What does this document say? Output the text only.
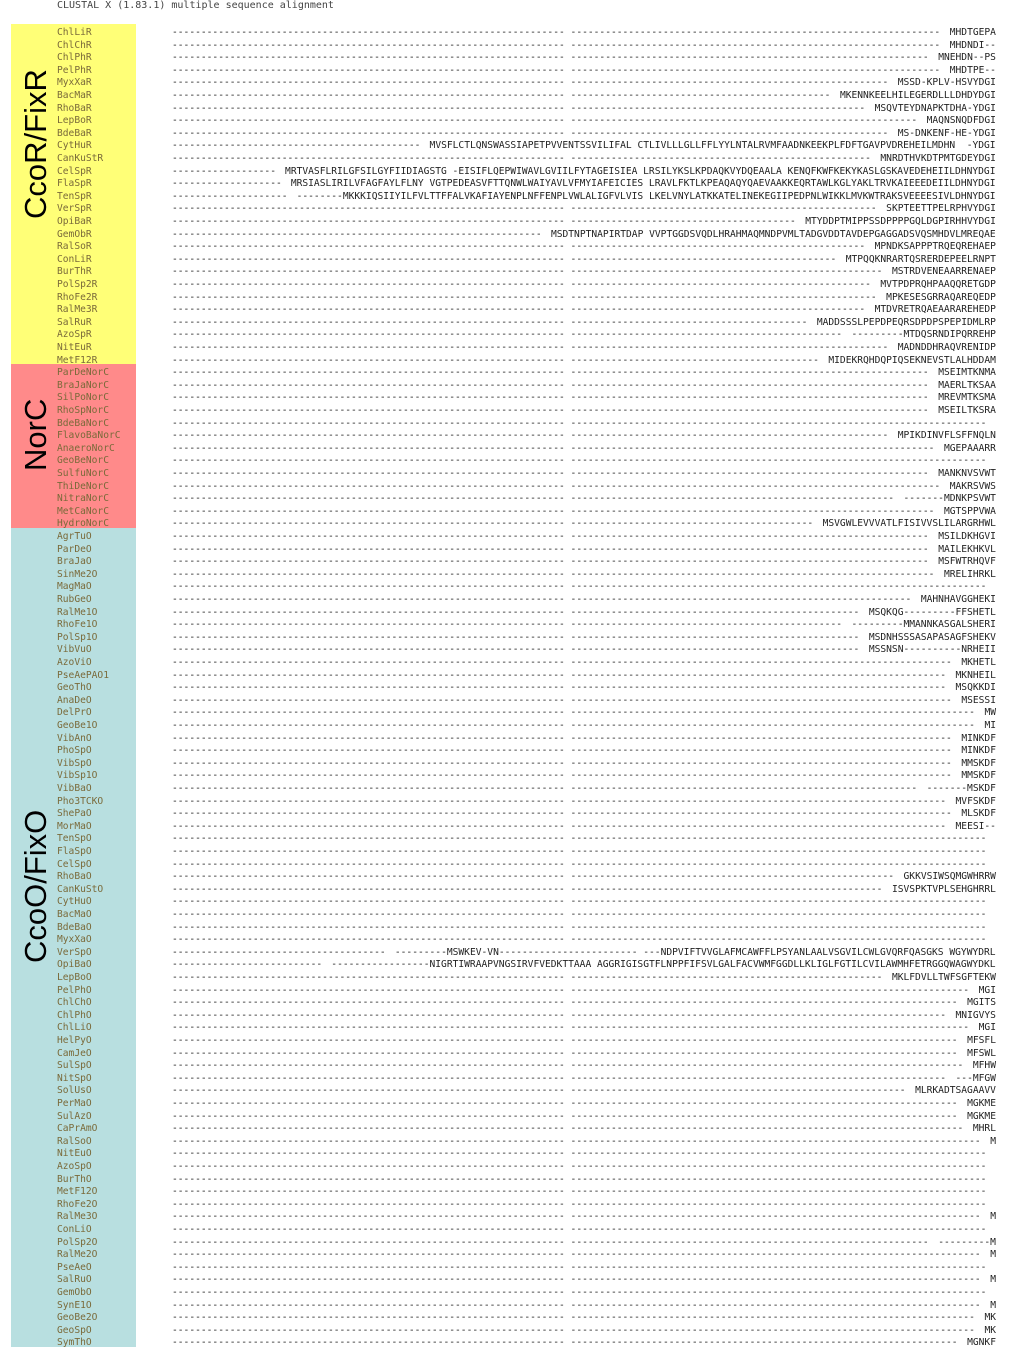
CLUSTAL X (1.83.1) multiple sequence alignment
CcoR/FixR
NorC
CcoO/FixO
ChlLiR	-------------------------------------------------------------------- ---------------------------------------------------------------- MHDTGEPA
ChlChR	-------------------------------------------------------------------- ---------------------------------------------------------------- MHDNDI--
ChlPhR	-------------------------------------------------------------------- -------------------------------------------------------------- MNEHDN--PS
PelPhR	-------------------------------------------------------------------- ---------------------------------------------------------------- MHDTPE--
MyxXaR	-------------------------------------------------------------------- ------------------------------------------------------- MSSD-KPLV-HSVYDGI
BacMaR	-------------------------------------------------------------------- --------------------------------------------- MKENNKEELHILEGERDLLLDHDYDGI
RhoBaR	-------------------------------------------------------------------- --------------------------------------------------- MSQVTEYDNAPKTDHA-YDGI
LepBoR	-------------------------------------------------------------------- ------------------------------------------------------------ MAQNSNQDFDGI
BdeBaR	-------------------------------------------------------------------- ------------------------------------------------------- MS-DNKENF-HE-YDGI
CytHuR	------------------------------------------- MVSFLCTLQNSWASSIAPETPVVENTSSVILIFAL CTLIVLLLGLLFFLYYLNTALRVMFAADNKEEKPLFDFTGAVPVDREHEILMDHN  -YDGI
CanKuStR	-------------------------------------------------------------------- ---------------------------------------------------- MNRDTHVKDTPMTGDEYDGI
CelSpR	------------------ MRTVASFLRILGFSILGYFIIDIAGSTG -EISIFLQEPWIWAVLGVIILFYTAGEISIEA LRSILYKSLKPDAQKVYDQEAALA KENQFKWFKEKYKASLGSKAVEDEHEIILDHNYDGI
FlaSpR	------------------- MRSIASLIRILVFAGFAYLFLNY VGTPEDEASVFTTQNWLWAIYAVLVFMYIAFEICIES LRAVLFKTLKPEAQAQYQAEVAAKKEQRTAWLKGLYAKLTRVKAIEEEDEIILDHNYDGI
TenSpR	-------------------- --------MKKKIQSIIYILFVLTTFFALVKAFIAYENPLNFFENPLVWLALIGFVLVIS LKELVNYLATKKATELINEKEGIIPEDPNLWIKKLMVKWTRAKSVEEEESIVLDHNYDGI
VerSpR	-------------------------------------------------------------------- ----------------------------------------------------- SKPTEETTPELRPHVYDGI
OpiBaR	-------------------------------------------------------------------- --------------------------------------- MTYDDPTMIPPSSDPPPPGQLDGPIRHHVYDGI
GemObR	---------------------------------------------------------------- MSDTNPTNAPIRTDAP VVPTGGDSVQDLHRAHMAQMNDPVMLTADGVDDTAVDEPGAGGADSVQSMHDVLMREQAE
RalSoR	-------------------------------------------------------------------- --------------------------------------------------- MPNDKSAPPPTRQEQREHAEP
ConLiR	-------------------------------------------------------------------- ---------------------------------------------- MTPQQKNRARTQSRERDEPEELRNPT
BurThR	-------------------------------------------------------------------- ------------------------------------------------------ MSTRDVENEAARRENAEP
PolSp2R	-------------------------------------------------------------------- ---------------------------------------------------- MVTPDPRQHPAAQQRETGDP
RhoFe2R	-------------------------------------------------------------------- ----------------------------------------------------- MPKESESGRRAQAREQEDP
RalMe3R	-------------------------------------------------------------------- --------------------------------------------------- MTDVRETRQAEAARAREHEDP
SalRuR	-------------------------------------------------------------------- ----------------------------------------- MADDSSSLPEPDPEQRSDPDPSPEPIDMLRP
AzoSpR	-------------------------------------------------------------------- ----------------------------------------------- ---------MTDQSRNDIPQRREHP
NitEuR	-------------------------------------------------------------------- ------------------------------------------------------- MADNDDHRAQVRENIDP
MetF12R	-------------------------------------------------------------------- ------------------------------------------- MIDEKRQHDQPIQSEKNEVSTLALHDDAM
ParDeNorC	-------------------------------------------------------------------- -------------------------------------------------------------- MSEIMTKNMA
BraJaNorC	-------------------------------------------------------------------- -------------------------------------------------------------- MAERLTKSAA
SilPoNorC	-------------------------------------------------------------------- -------------------------------------------------------------- MREVMTKSMA
RhoSpNorC	-------------------------------------------------------------------- -------------------------------------------------------------- MSEILTKSRA
BdeBaNorC	-------------------------------------------------------------------- ------------------------------------------------------------------------
FlavoBaNorC	-------------------------------------------------------------------- ------------------------------------------------------- MPIKDINVFLSFFNQLN
AnaeroNorC	-------------------------------------------------------------------- --------------------------------------------------------------- MGEPAAARR
GeoBeNorC	-------------------------------------------------------------------- ------------------------------------------------------------------------
SulfuNorC	-------------------------------------------------------------------- -------------------------------------------------------------- MANKNVSVWT
ThiDeNorC	-------------------------------------------------------------------- ---------------------------------------------------------------- MAKRSVWS
NitraNorC	-------------------------------------------------------------------- -------------------------------------------------------- -------MDNKPSVWT
MetCaNorC	-------------------------------------------------------------------- --------------------------------------------------------------- MGTSPPVWA
HydroNorC	-------------------------------------------------------------------- ------------------------------------------ MSVGWLEVVVATLFISIVVSLILARGRHWL
AgrTuO	-------------------------------------------------------------------- -------------------------------------------------------------- MSILDKHGVI
ParDeO	-------------------------------------------------------------------- -------------------------------------------------------------- MAILEKHKVL
BraJaO	-------------------------------------------------------------------- -------------------------------------------------------------- MSFWTRHQVF
SinMe2O	-------------------------------------------------------------------- --------------------------------------------------------------- MRELIHRKL
MagMaO	-------------------------------------------------------------------- ------------------------------------------------------------------------
RubGeO	-------------------------------------------------------------------- ----------------------------------------------------------- MAHNHAVGGHEKI
RalMe1O	-------------------------------------------------------------------- -------------------------------------------------- MSQKQG---------FFSHETL
RhoFe1O	-------------------------------------------------------------------- ----------------------------------------------- ---------MMANNKASGALSHERI
PolSp1O	-------------------------------------------------------------------- -------------------------------------------------- MSDNHSSSASAPASAGFSHEKV
VibVuO	-------------------------------------------------------------------- -------------------------------------------------- MSSNSN----------NRHEII
AzoViO	-------------------------------------------------------------------- ------------------------------------------------------------------ MKHETL
PseAePAO1	-------------------------------------------------------------------- ----------------------------------------------------------------- MKNHEIL
GeoThO	-------------------------------------------------------------------- ----------------------------------------------------------------- MSQKKDI
AnaDeO	-------------------------------------------------------------------- ------------------------------------------------------------------ MSESSI
DelPrO	-------------------------------------------------------------------- ---------------------------------------------------------------------- MW
GeoBe1O	-------------------------------------------------------------------- ---------------------------------------------------------------------- MI
VibAnO	-------------------------------------------------------------------- ------------------------------------------------------------------ MINKDF
PhoSpO	-------------------------------------------------------------------- ------------------------------------------------------------------ MINKDF
VibSpO	-------------------------------------------------------------------- ------------------------------------------------------------------ MMSKDF
VibSp1O	-------------------------------------------------------------------- ------------------------------------------------------------------ MMSKDF
VibBaO	-------------------------------------------------------------------- ------------------------------------------------------------ -------MSKDF
Pho3TCKO	-------------------------------------------------------------------- ----------------------------------------------------------------- MVFSKDF
ShePaO	-------------------------------------------------------------------- ------------------------------------------------------------------ MLSKDF
MorMaO	-------------------------------------------------------------------- ----------------------------------------------------------------- MEESI--
TenSpO	-------------------------------------------------------------------- ------------------------------------------------------------------------
FlaSpO	-------------------------------------------------------------------- ------------------------------------------------------------------------
CelSpO	-------------------------------------------------------------------- ------------------------------------------------------------------------
RhoBaO	-------------------------------------------------------------------- -------------------------------------------------------- GKKVSIWSQMGWHRRW
CanKuStO	-------------------------------------------------------------------- ------------------------------------------------------ ISVSPKTVPLSEHGHRRL
CytHuO	-------------------------------------------------------------------- ------------------------------------------------------------------------
BacMaO	-------------------------------------------------------------------- ------------------------------------------------------------------------
BdeBaO	-------------------------------------------------------------------- ------------------------------------------------------------------------
MyxXaO	-------------------------------------------------------------------- ------------------------------------------------------------------------
VerSpO	------------------------------------- ---------MSWKEV-VN------------------------ ---NDPVIFTVVGLAFMCAWFFLPSYANLAALVSGVILCWLGVQRFQASGKS WGYWYDRL
OpiBaO	-------------------------- -----------------NIGRTIWRAAPVNGSIRVFVEDKTTAAA AGGRIGISGTFLNPPFIFSVLGALFACVWMFGGDLLKLIGLFGTILCVILAWMHFETRGGQWAGWYDKL
LepBoO	-------------------------------------------------------------------- ------------------------------------------------------ MKLFDVLLTWFSGFTEKW
PelPhO	-------------------------------------------------------------------- --------------------------------------------------------------------- MGI
ChlChO	-------------------------------------------------------------------- ------------------------------------------------------------------- MGITS
ChlPhO	-------------------------------------------------------------------- ----------------------------------------------------------------- MNIGVYS
ChlLiO	-------------------------------------------------------------------- --------------------------------------------------------------------- MGI
HelPyO	-------------------------------------------------------------------- ------------------------------------------------------------------- MFSFL
CamJeO	-------------------------------------------------------------------- ------------------------------------------------------------------- MFSWL
SulSpO	-------------------------------------------------------------------- -------------------------------------------------------------------- MFHW
NitSpO	-------------------------------------------------------------------- ----------------------------------------------------------------- ---MFGW
SolUsO	-------------------------------------------------------------------- ---------------------------------------------------------- MLRKADTSAGAAVV
PerMaO	-------------------------------------------------------------------- ------------------------------------------------------------------- MGKME
SulAzO	-------------------------------------------------------------------- ------------------------------------------------------------------- MGKME
CaPrAmO	-------------------------------------------------------------------- -------------------------------------------------------------------- MHRL
RalSoO	-------------------------------------------------------------------- ----------------------------------------------------------------------- M
NitEuO	-------------------------------------------------------------------- ------------------------------------------------------------------------
AzoSpO	-------------------------------------------------------------------- ------------------------------------------------------------------------
BurThO	-------------------------------------------------------------------- ------------------------------------------------------------------------
MetF12O	-------------------------------------------------------------------- ------------------------------------------------------------------------
RhoFe2O	-------------------------------------------------------------------- ------------------------------------------------------------------------
RalMe3O	-------------------------------------------------------------------- ----------------------------------------------------------------------- M
ConLiO	-------------------------------------------------------------------- ------------------------------------------------------------------------
PolSp2O	-------------------------------------------------------------------- -------------------------------------------------------------- ---------M
RalMe2O	-------------------------------------------------------------------- ----------------------------------------------------------------------- M
PseAeO	-------------------------------------------------------------------- ------------------------------------------------------------------------
SalRuO	-------------------------------------------------------------------- ----------------------------------------------------------------------- M
GemObO	-------------------------------------------------------------------- ------------------------------------------------------------------------
SynE1O	-------------------------------------------------------------------- ----------------------------------------------------------------------- M
GeoBe2O	-------------------------------------------------------------------- ---------------------------------------------------------------------- MK
GeoSpO	-------------------------------------------------------------------- ---------------------------------------------------------------------- MK
SymThO	-------------------------------------------------------------------- ------------------------------------------------------------------- MGNKF
